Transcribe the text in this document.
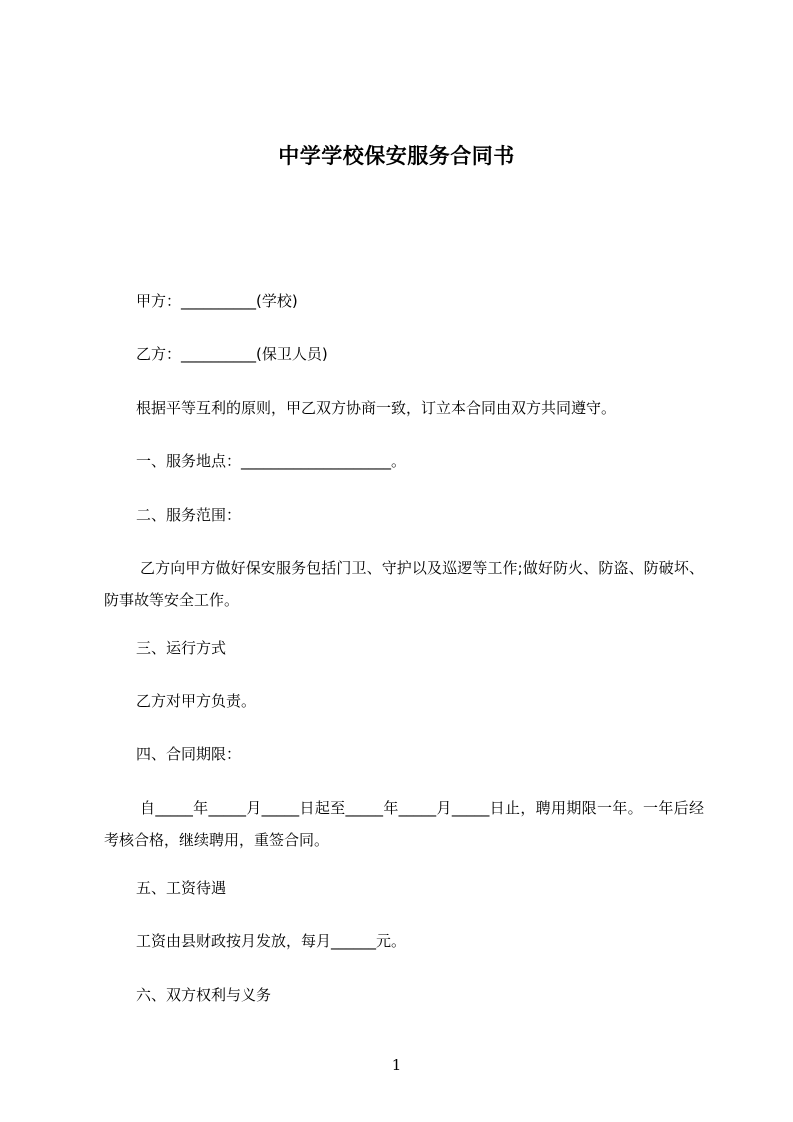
中学学校保安服务合同书
甲方：__________(学校)
乙方：__________(保卫人员)
根据平等互利的原则，甲乙双方协商一致，订立本合同由双方共同遵守。
一、服务地点：____________________。
二、服务范围：
乙方向甲方做好保安服务包括门卫、守护以及巡逻等工作;做好防火、防盗、防破坏、防事故等安全工作。
三、运行方式
乙方对甲方负责。
四、合同期限：
自_____年_____月_____日起至_____年_____月_____日止，聘用期限一年。一年后经考核合格，继续聘用，重签合同。
五、工资待遇
工资由县财政按月发放，每月______元。
六、双方权利与义务
1
